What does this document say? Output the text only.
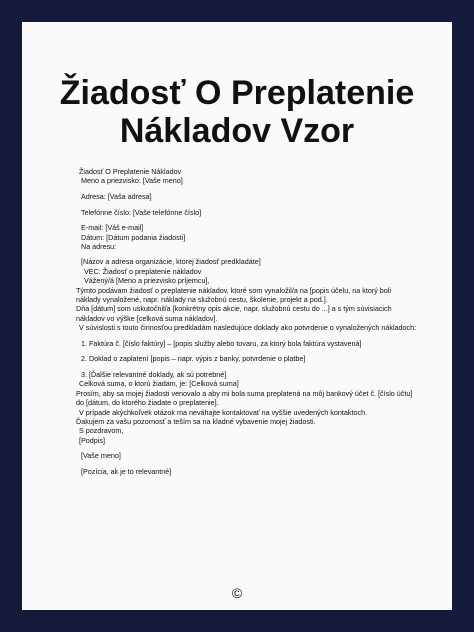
Žiadosť O Preplatenie
Nákladov Vzor
Žiadosť O Preplatenie Nákladov
Meno a priezvisko: [Vaše meno]
Adresa: [Vaša adresa]
Telefónne číslo: [Vaše telefónne číslo]
E-mail: [Váš e-mail]
Dátum: [Dátum podania žiadosti]
Na adresu:
[Názov a adresa organizácie, ktorej žiadosť predkladáte]
VEC: Žiadosť o preplatenie nákladov
Vážený/á [Meno a priezvisko príjemcu],
Týmto podávam žiadosť o preplatenie nákladov, ktoré som vynaložil/a na [popis účelu, na ktorý boli
náklady vynaložené, napr. náklady na služobnú cestu, školenie, projekt a pod.].
Dňa [dátum] som uskutočnil/a [konkrétny opis akcie, napr. služobnú cestu do ...] a s tým súvisiacich
nákladov vo výške [celková suma nákladov].
V súvislosti s touto činnosťou predkladám nasledujúce doklady ako potvrdenie o vynaložených nákladoch:
1. Faktúra č. [číslo faktúry] – [popis služby alebo tovaru, za ktorý bola faktúra vystavená]
2. Doklad o zaplatení [popis – napr. výpis z banky, potvrdenie o platbe]
3. [Ďalšie relevantné doklady, ak sú potrebné]
Celková suma, o ktorú žiadam, je: [Celková suma]
Prosím, aby sa mojej žiadosti venovalo a aby mi bola suma preplatená na môj bankový účet č. [číslo účtu]
do [dátum, do ktorého žiadate o preplatenie].
V prípade akýchkoľvek otázok ma neváhajte kontaktovať na vyššie uvedených kontaktoch.
Ďakujem za vašu pozornosť a teším sa na kladné vybavenie mojej žiadosti.
S pozdravom,
[Podpis]
[Vaše meno]
[Pozícia, ak je to relevantné]
©
